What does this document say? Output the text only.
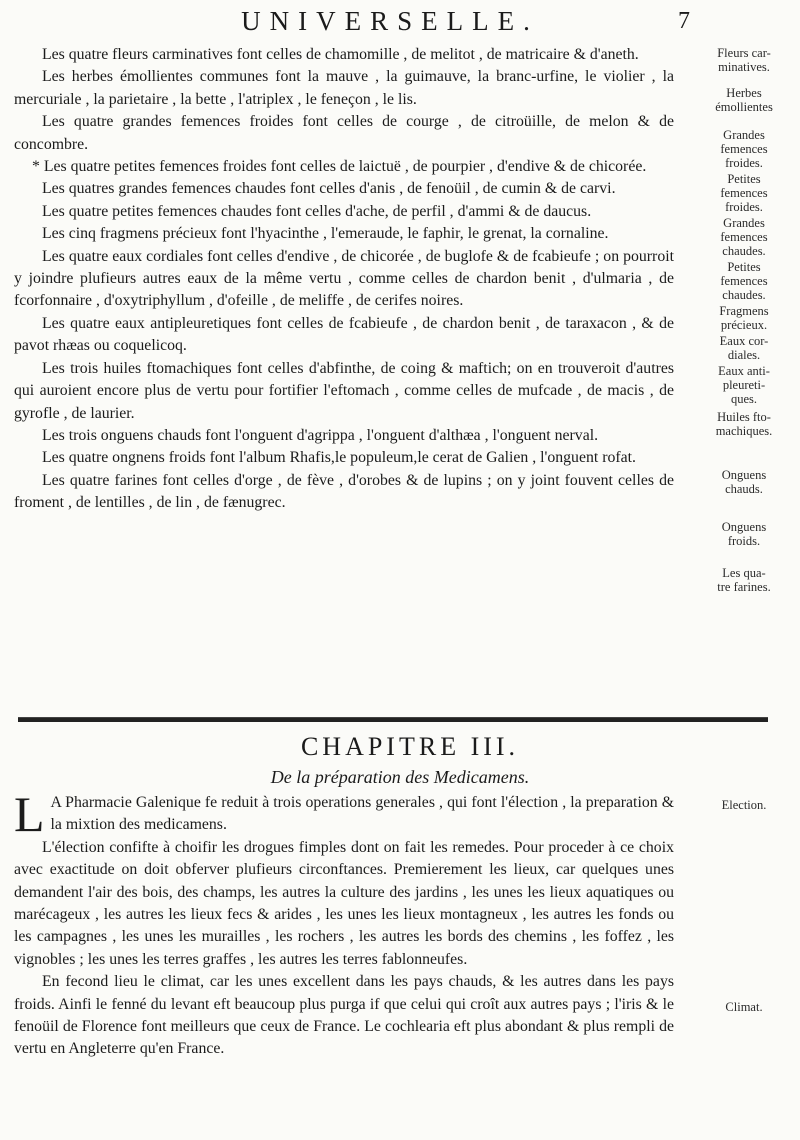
UNIVERSELLE.	7

Les quatre fleurs carminatives font celles de chamomille , de melitot , de matricaire & d'aneth.

Les herbes émollientes communes font la mauve , la guimauve, la branc-urfine, le violier , la mercuriale , la parietaire , la bette , l'atriplex , le feneçon , le lis.

Les quatre grandes femences froides font celles de courge , de citroüille, de melon & de concombre.

* Les quatre petites femences froides font celles de laictuë , de pourpier , d'endive & de chicorée.

Les quatres grandes femences chaudes font celles d'anis , de fenoüil , de cumin & de carvi.

Les quatre petites femences chaudes font celles d'ache, de perfil , d'ammi & de daucus.

Les cinq fragmens précieux font l'hyacinthe , l'emeraude, le faphir, le grenat, la cornaline.

Les quatre eaux cordiales font celles d'endive , de chicorée , de buglofe & de fcabieufe ; on pourroit y joindre plufieurs autres eaux de la même vertu , comme celles de chardon benit , d'ulmaria , de fcorfonnaire , d'oxytriphyllum , d'ofeille , de meliffe , de cerifes noires.

Les quatre eaux antipleuretiques font celles de fcabieufe , de chardon benit , de taraxacon , & de pavot rhæas ou coquelicoq.

Les trois huiles ftomachiques font celles d'abfinthe, de coing & maftich; on en trouveroit d'autres qui auroient encore plus de vertu pour fortifier l'eftomach , comme celles de mufcade , de macis , de gyrofle , de laurier.

Les trois onguens chauds font l'onguent d'agrippa , l'onguent d'althæa , l'onguent nerval.

Les quatre ongnens froids font l'album Rhafis,le populeum,le cerat de Galien , l'onguent rofat.

Les quatre farines font celles d'orge , de fève , d'orobes & de lupins ; on y joint fouvent celles de froment , de lentilles , de lin , de fænugrec.

CHAPITRE III.
De la préparation des Medicamens.

L A Pharmacie Galenique fe reduit à trois operations generales , qui font l'élection , la preparation & la mixtion des medicamens.

L'élection confifte à choifir les drogues fimples dont on fait les remedes. Pour proceder à ce choix avec exactitude on doit obferver plufieurs circonftances. Premierement les lieux, car quelques unes demandent l'air des bois, des champs, les autres la culture des jardins , les unes les lieux aquatiques ou marécageux , les autres les lieux fecs & arides , les unes les lieux montagneux , les autres les fonds ou les campagnes , les unes les murailles , les rochers , les autres les bords des chemins , les foffez , les vignobles ; les unes les terres graffes , les autres les terres fablonneufes.

En fecond lieu le climat, car les unes excellent dans les pays chauds, & les autres dans les pays froids. Ainfi le fenné du levant eft beaucoup plus purga if que celui qui croît aux autres pays ; l'iris & le fenoüil de Florence font meilleurs que ceux de France. Le cochlearia eft plus abondant & plus rempli de vertu en Angleterre qu'en France.

Fleurs car-
minatives.
Herbes
émollientes
Grandes
femences
froides.
Petites
femences
froides.
Grandes
femences
chaudes.
Petites
femences
chaudes.
Fragmens
précieux.
Eaux cor-
diales.
Eaux anti-
pleureti-
ques.
Huiles fto-
machiques.
Onguens
chauds.
Onguens
froids.
Les qua-
tre farines.
Election.
Climat.
